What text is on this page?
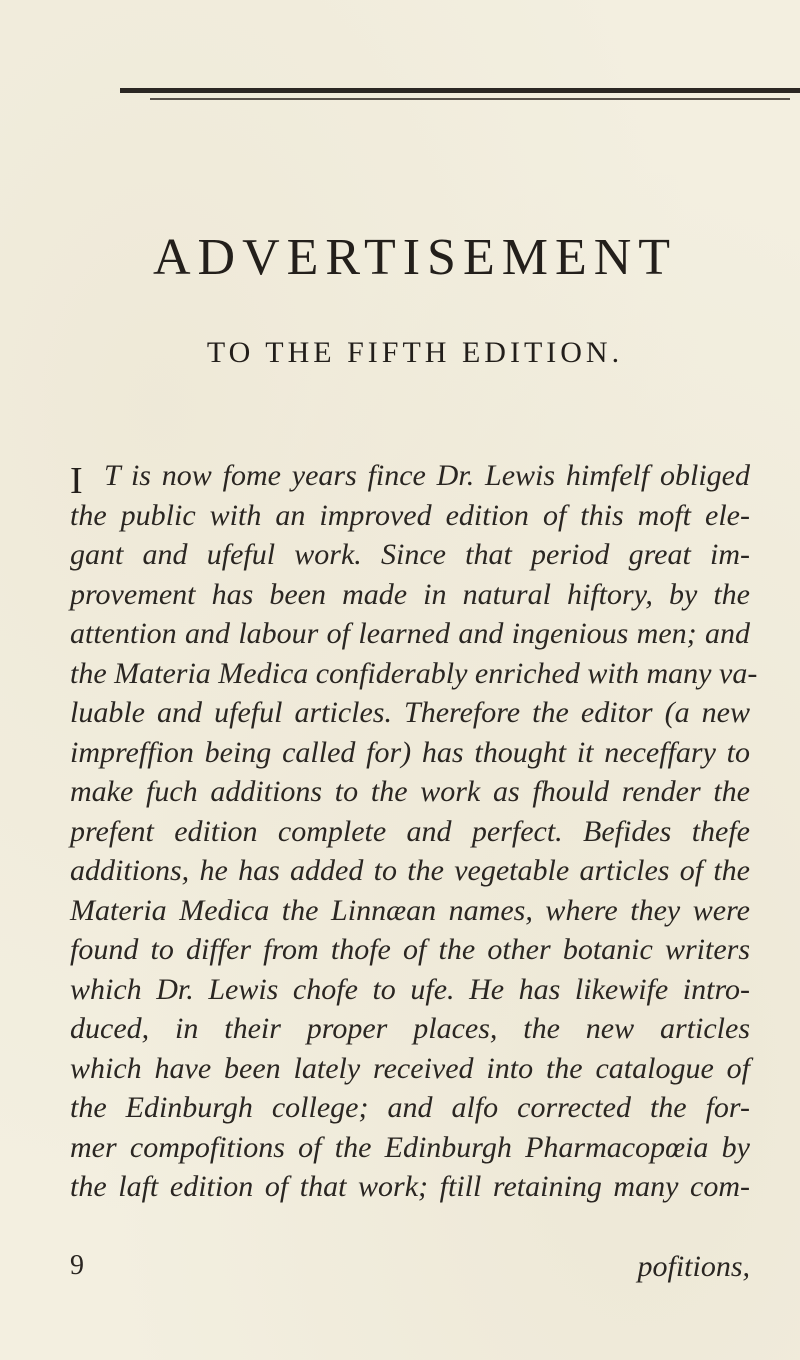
ADVERTISEMENT
TO THE FIFTH EDITION.
I T is now fome years fince Dr. Lewis himfelf obliged
the public with an improved edition of this moft ele-
gant and ufeful work. Since that period great im-
provement has been made in natural hiftory, by the
attention and labour of learned and ingenious men; and
the Materia Medica confiderably enriched with many va-
luable and ufeful articles. Therefore the editor (a new
impreffion being called for) has thought it neceffary to
make fuch additions to the work as fhould render the
prefent edition complete and perfect. Befides thefe
additions, he has added to the vegetable articles of the
Materia Medica the Linnæan names, where they were
found to differ from thofe of the other botanic writers
which Dr. Lewis chofe to ufe. He has likewife intro-
duced, in their proper places, the new articles
which have been lately received into the catalogue of
the Edinburgh college; and alfo corrected the for-
mer compofitions of the Edinburgh Pharmacopœia by
the laft edition of that work; ftill retaining many com-
9	pofitions,
